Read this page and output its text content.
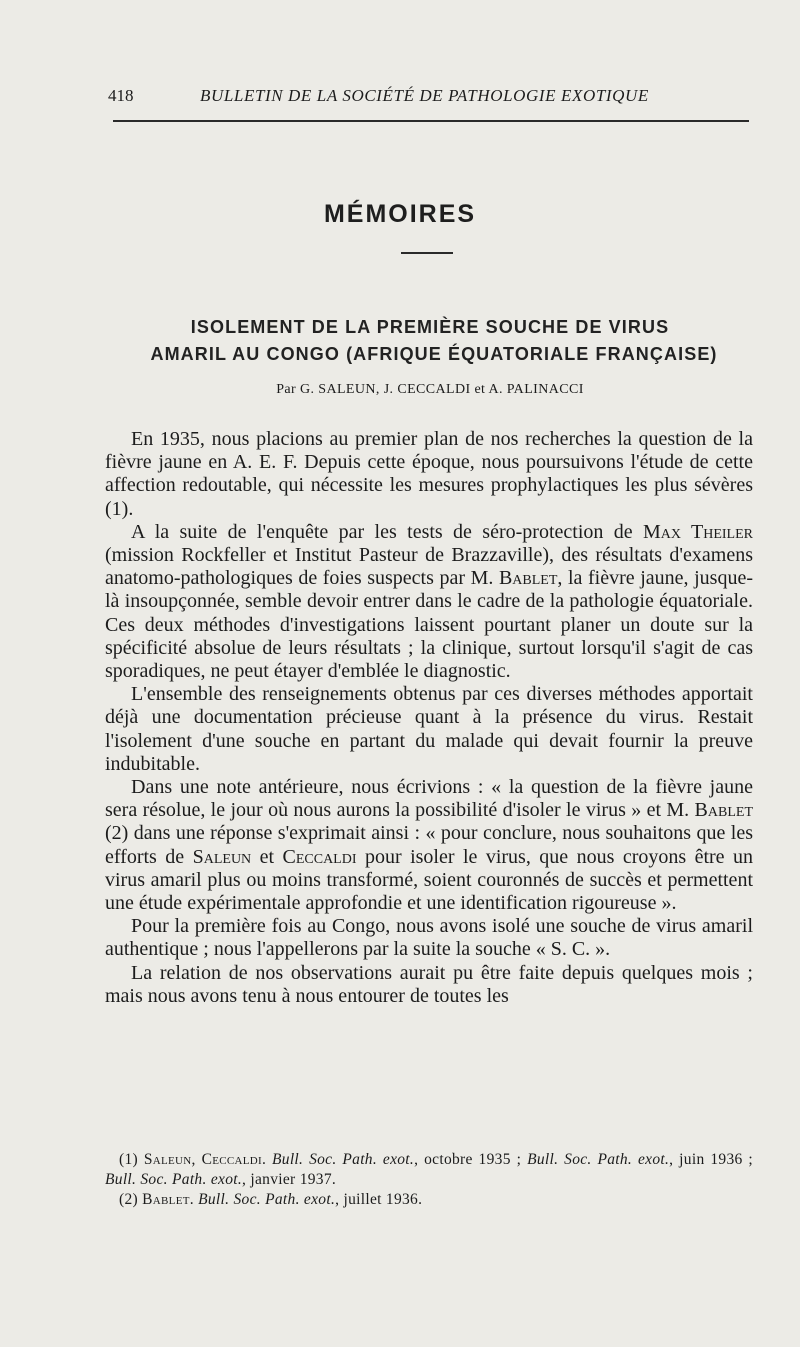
418	BULLETIN DE LA SOCIÉTÉ DE PATHOLOGIE EXOTIQUE
MÉMOIRES
ISOLEMENT DE LA PREMIÈRE SOUCHE DE VIRUS
AMARIL AU CONGO (AFRIQUE ÉQUATORIALE FRANÇAISE)
Par G. SALEUN, J. CECCALDI et A. PALINACCI

En 1935, nous placions au premier plan de nos recherches la question de la fièvre jaune en A. E. F. Depuis cette époque, nous poursuivons l'étude de cette affection redoutable, qui nécessite les mesures prophylactiques les plus sévères (1).

A la suite de l'enquête par les tests de séro-protection de Max Theiler (mission Rockfeller et Institut Pasteur de Brazzaville), des résultats d'examens anatomo-pathologiques de foies suspects par M. Bablet, la fièvre jaune, jusque-là insoupçonnée, semble devoir entrer dans le cadre de la pathologie équatoriale. Ces deux méthodes d'investigations laissent pourtant planer un doute sur la spécificité absolue de leurs résultats ; la clinique, surtout lorsqu'il s'agit de cas sporadiques, ne peut étayer d'emblée le diagnostic.

L'ensemble des renseignements obtenus par ces diverses méthodes apportait déjà une documentation précieuse quant à la présence du virus. Restait l'isolement d'une souche en partant du malade qui devait fournir la preuve indubitable.

Dans une note antérieure, nous écrivions : « la question de la fièvre jaune sera résolue, le jour où nous aurons la possibilité d'isoler le virus » et M. Bablet (2) dans une réponse s'exprimait ainsi : « pour conclure, nous souhaitons que les efforts de Saleun et Ceccaldi pour isoler le virus, que nous croyons être un virus amaril plus ou moins transformé, soient couronnés de succès et permettent une étude expérimentale approfondie et une identification rigoureuse ».

Pour la première fois au Congo, nous avons isolé une souche de virus amaril authentique ; nous l'appellerons par la suite la souche « S. C. ».

La relation de nos observations aurait pu être faite depuis quelques mois ; mais nous avons tenu à nous entourer de toutes les

(1) Saleun, Ceccaldi. Bull. Soc. Path. exot., octobre 1935 ; Bull. Soc. Path. exot., juin 1936 ; Bull. Soc. Path. exot., janvier 1937.

(2) Bablet. Bull. Soc. Path. exot., juillet 1936.
